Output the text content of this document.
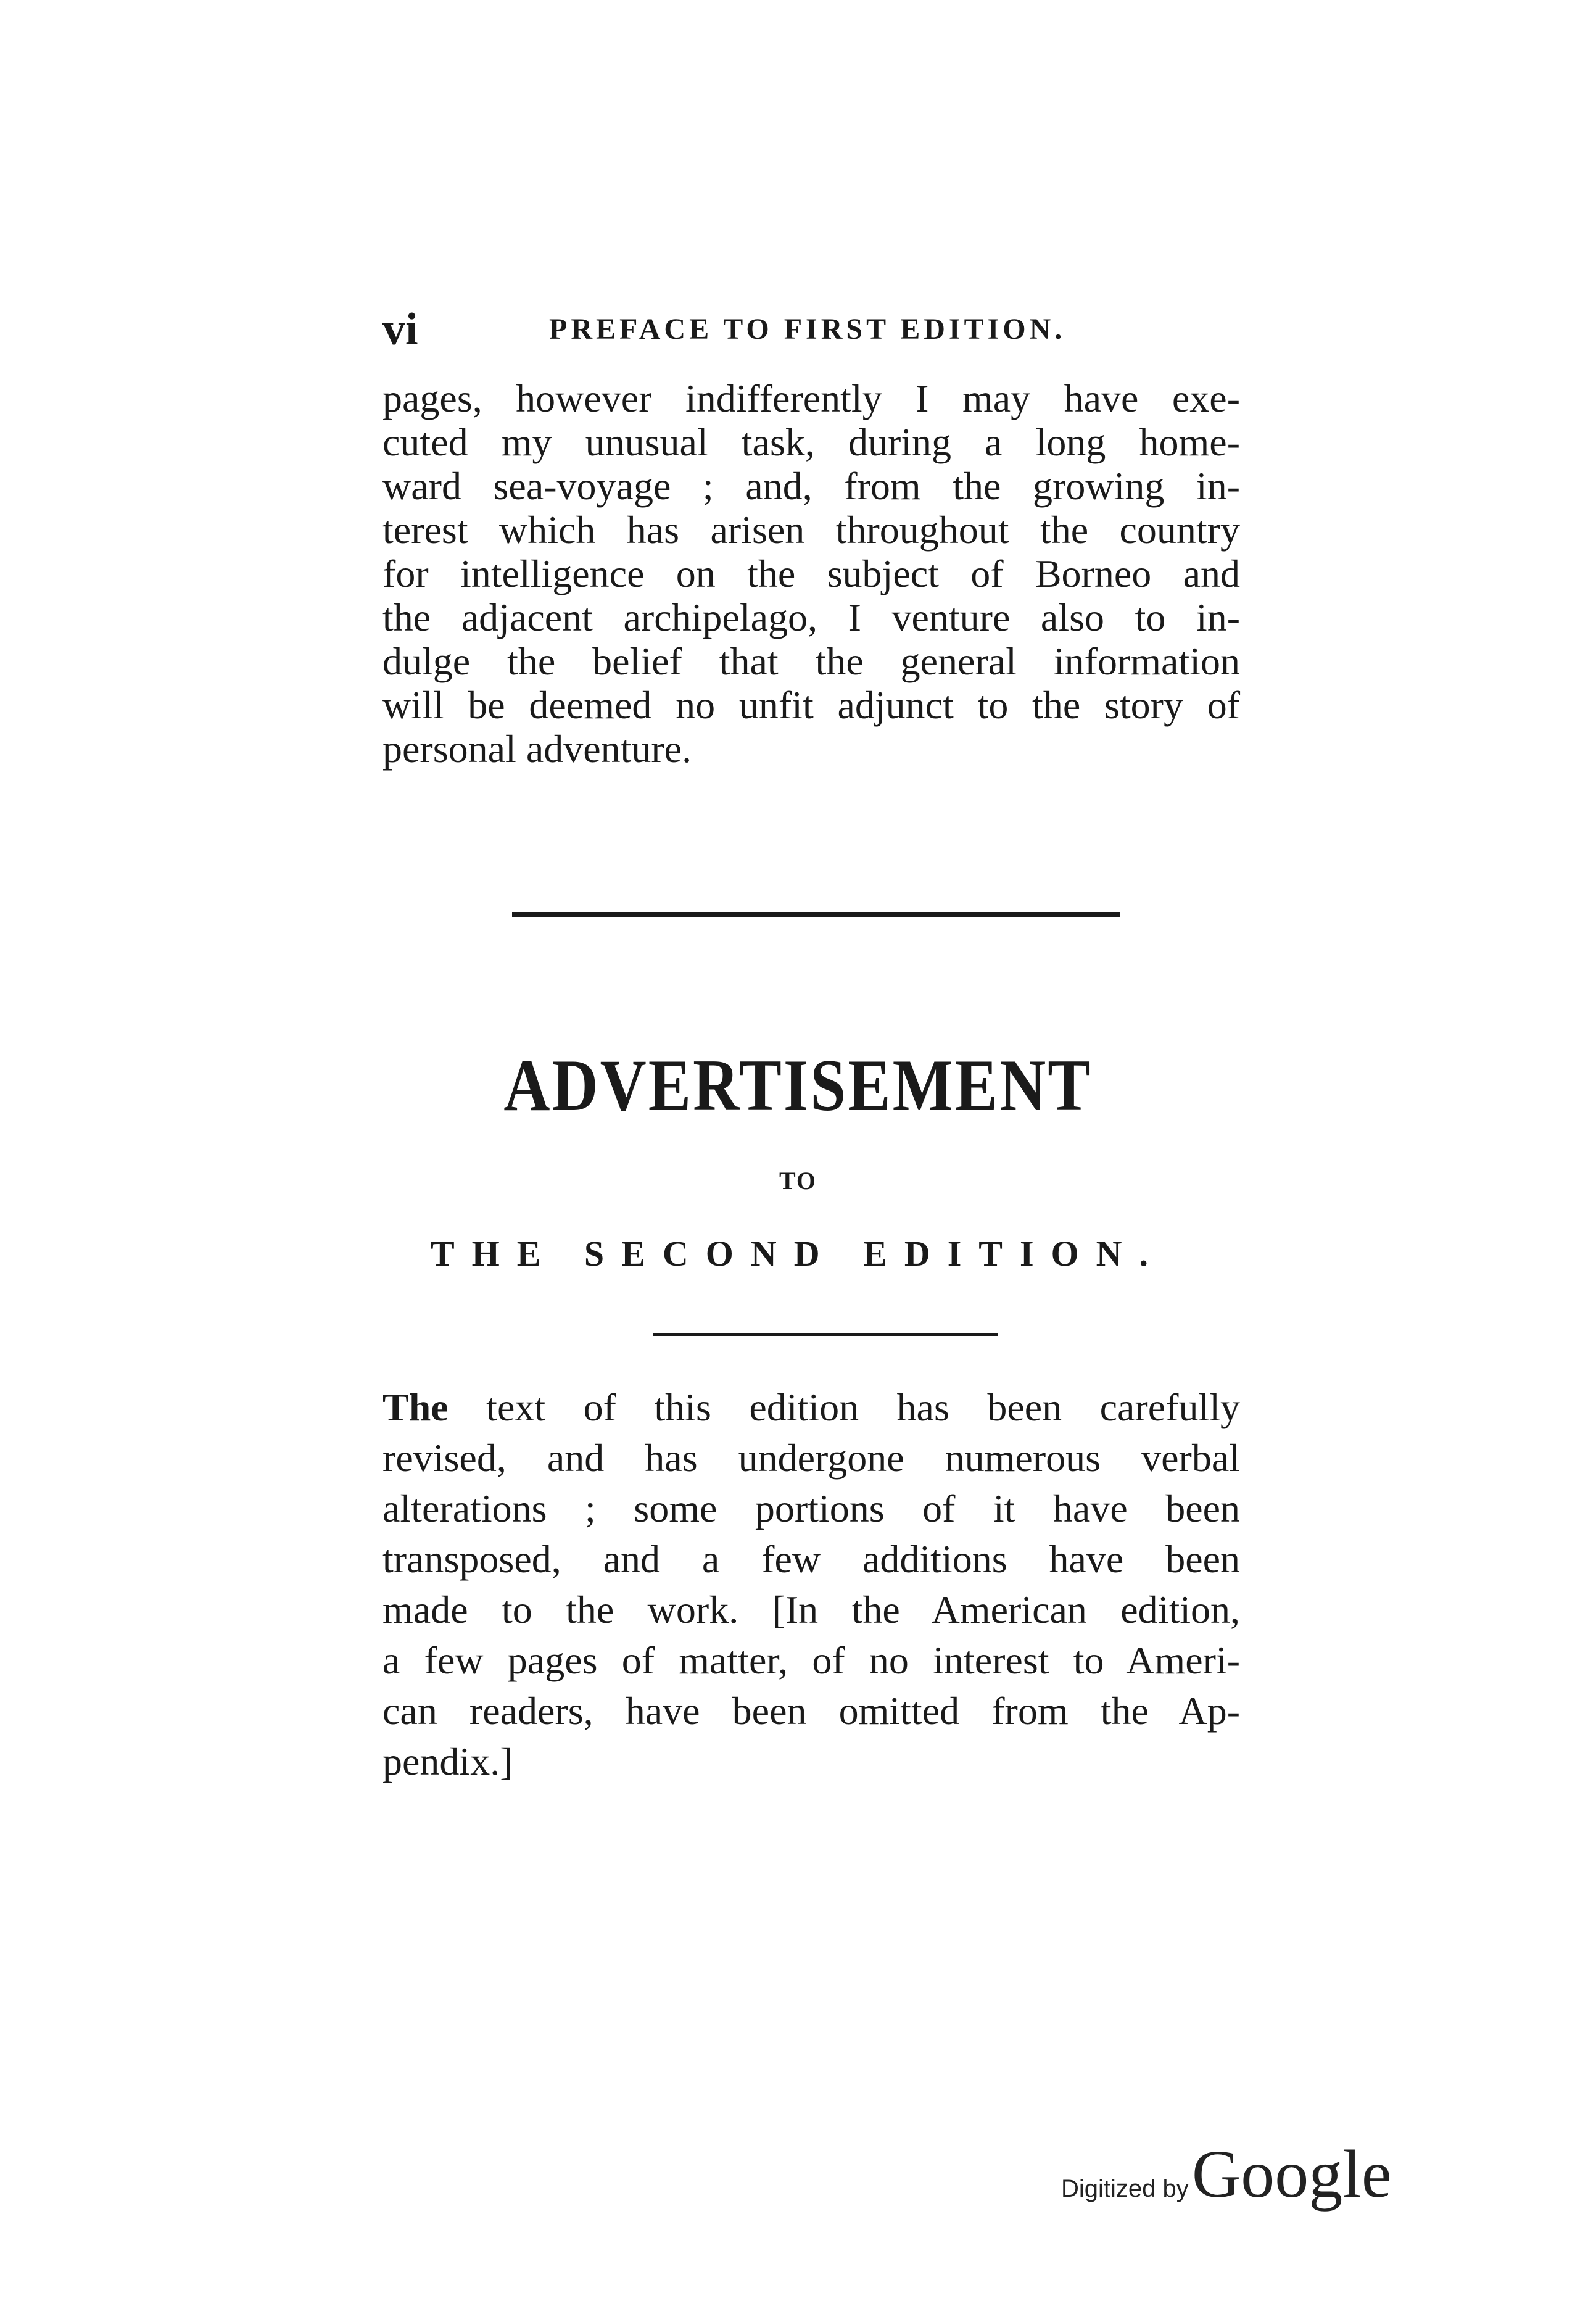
vi	PREFACE TO FIRST EDITION.
pages, however indifferently I may have exe-
cuted my unusual task, during a long home-
ward sea-voyage ; and, from the growing in-
terest which has arisen throughout the country
for intelligence on the subject of Borneo and
the adjacent archipelago, I venture also to in-
dulge the belief that the general information
will be deemed no unfit adjunct to the story of
personal adventure.
ADVERTISEMENT
TO
THE SECOND EDITION.
The text of this edition has been carefully
revised, and has undergone numerous verbal
alterations ; some portions of it have been
transposed, and a few additions have been
made to the work. [In the American edition,
a few pages of matter, of no interest to Ameri-
can readers, have been omitted from the Ap-
pendix.]
Digitized by Google
